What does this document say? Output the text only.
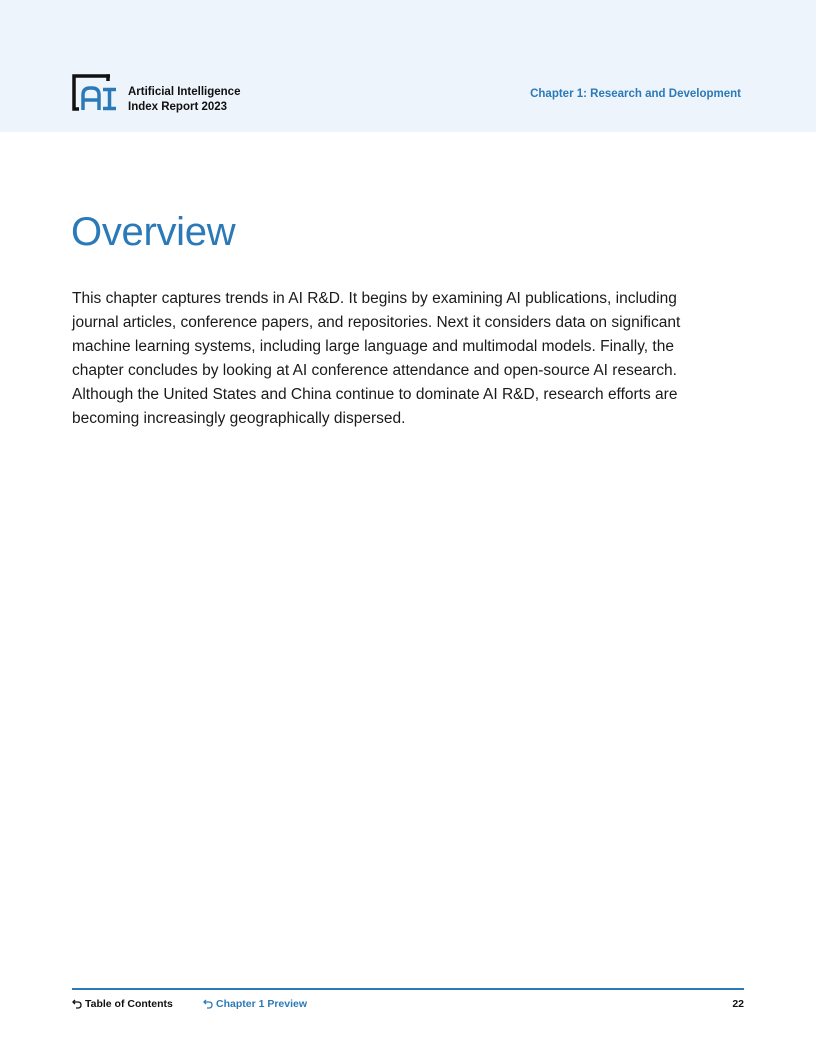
Artificial Intelligence
Index Report 2023
Chapter 1: Research and Development
Overview

This chapter captures trends in AI R&D. It begins by examining AI publications, including journal articles, conference papers, and repositories. Next it considers data on significant machine learning systems, including large language and multimodal models. Finally, the chapter concludes by looking at AI conference attendance and open-source AI research. Although the United States and China continue to dominate AI R&D, research efforts are becoming increasingly geographically dispersed.

Table of Contents	Chapter 1 Preview	22
